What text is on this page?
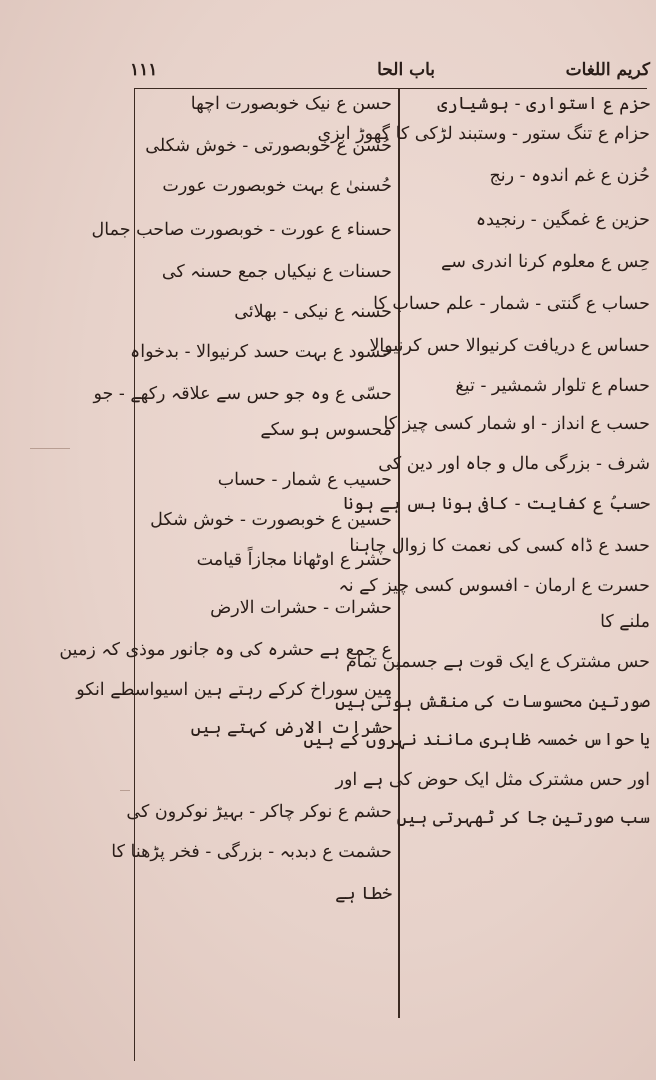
کریم اللغات
باب الحا
۱۱۱
حزم ع استواری - ہوشیاری
حزام ع تنگ ستور - وستبند لڑکی کا گھوڑ ابزی
حُزن ع غم اندوہ - رنج
حزین ع غمگین - رنجیدہ
حِس ع معلوم کرنا اندری سے
حساب ع گنتی - شمار - علم حساب کا
حساس ع دریافت کرنیوالا حس کرنیوالا
حسام ع تلوار شمشیر - تیغ
حسب ع انداز - او شمار کسی چیز کا
شرف - بزرگی مال و جاہ اور دین کی
حسبُ ع کفایت - کافی ہونا بس ہے ہونا
حسد ع ڈاہ کسی کی نعمت کا زوال چاہنا
حسرت ع ارمان - افسوس کسی چیز کے نہ
ملنے کا
حس مشترک ع ایک قوت ہے جسمین تمام
صورتین محسوسات کی منقش ہوتی ہیں
یا حواس خمسہ ظاہری مانند نہروں کے ہیں
اور حس مشترک مثل ایک حوض کی ہے اور
سب صورتین جا کر ٹھہرتی ہیں
حسن ع نیک خوبصورت اچھا
حُسن ع خوبصورتی - خوش شکلی
حُسنیٰ ع بہت خوبصورت عورت
حسناء ع عورت - خوبصورت صاحب جمال
حسنات ع نیکیاں جمع حسنہ کی
حسنہ ع نیکی - بھلائی
حسود ع بہت حسد کرنیوالا - بدخواہ
حسّی ع وہ جو حس سے علاقہ رکھے - جو
محسوس ہو سکے
حسیب ع شمار - حساب
حسین ع خوبصورت - خوش شکل
حشر ع اوٹھانا مجازاً قیامت
حشرات - حشرات الارض
ع جمع ہے حشرہ کی وہ جانور موذی کہ زمین
مین سوراخ کرکے رہتے ہین اسیواسطے انکو
حشرات الارض کہتے ہیں
حشم ع نوکر چاکر - بہیڑ نوکرون کی
حشمت ع دبدبہ - بزرگی - فخر پڑھنا کا
خطا ہے
